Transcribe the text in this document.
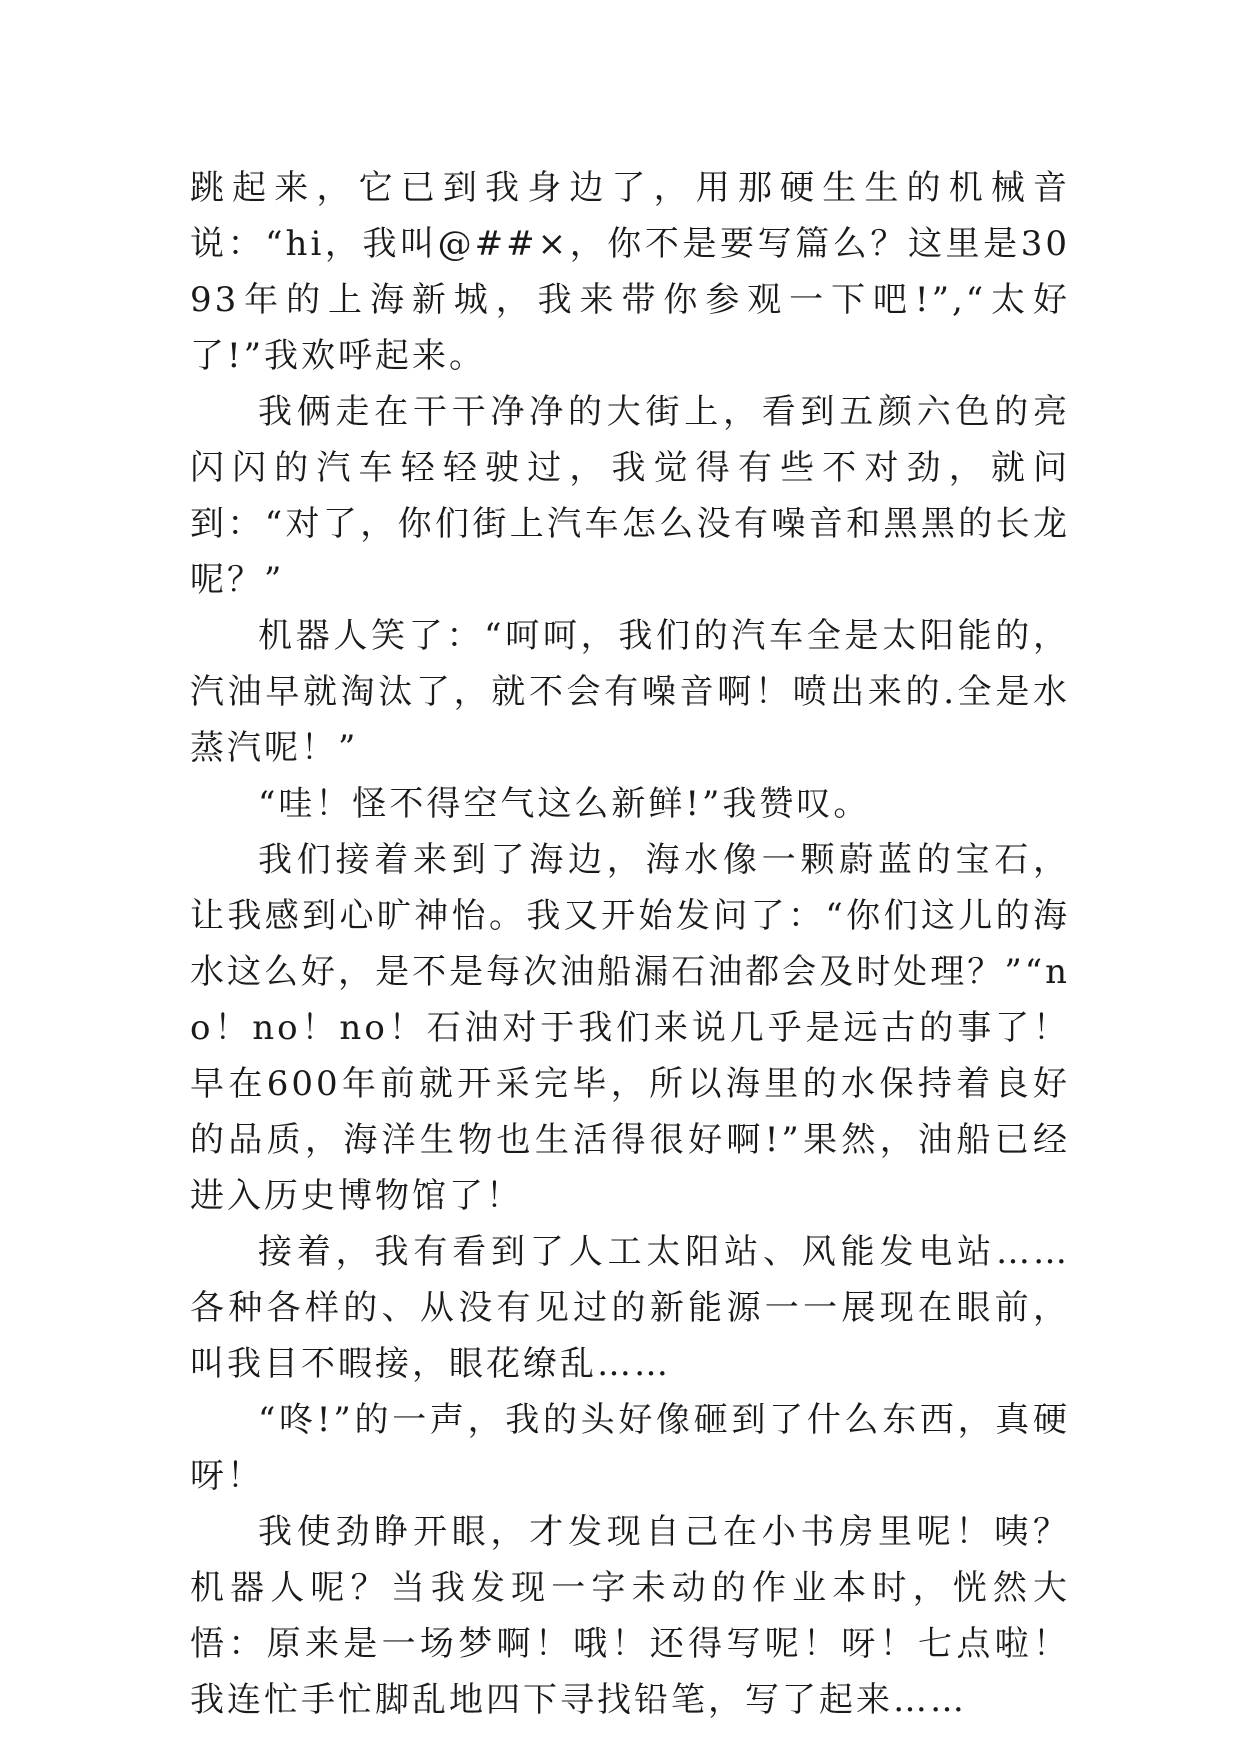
跳起来，它已到我身边了，用那硬生生的机械音说：“hi，我叫@##×，你不是要写篇么？这里是3093年的上海新城，我来带你参观一下吧!”,“太好了!”我欢呼起来。

我俩走在干干净净的大街上，看到五颜六色的亮闪闪的汽车轻轻驶过，我觉得有些不对劲，就问到：“对了，你们街上汽车怎么没有噪音和黑黑的长龙呢？”

机器人笑了：“呵呵，我们的汽车全是太阳能的，汽油早就淘汰了，就不会有噪音啊！喷出来的.全是水蒸汽呢！”

“哇！怪不得空气这么新鲜!”我赞叹。

我们接着来到了海边，海水像一颗蔚蓝的宝石，让我感到心旷神怡。我又开始发问了：“你们这儿的海水这么好，是不是每次油船漏石油都会及时处理？”“no！no！no！石油对于我们来说几乎是远古的事了！早在600年前就开采完毕，所以海里的水保持着良好的品质，海洋生物也生活得很好啊!”果然，油船已经进入历史博物馆了！

接着，我有看到了人工太阳站、风能发电站……各种各样的、从没有见过的新能源一一展现在眼前，叫我目不暇接，眼花缭乱……

“咚!”的一声，我的头好像砸到了什么东西，真硬呀！

我使劲睁开眼，才发现自己在小书房里呢！咦？机器人呢？当我发现一字未动的作业本时，恍然大悟：原来是一场梦啊！哦！还得写呢！呀！七点啦！我连忙手忙脚乱地四下寻找铅笔，写了起来……
